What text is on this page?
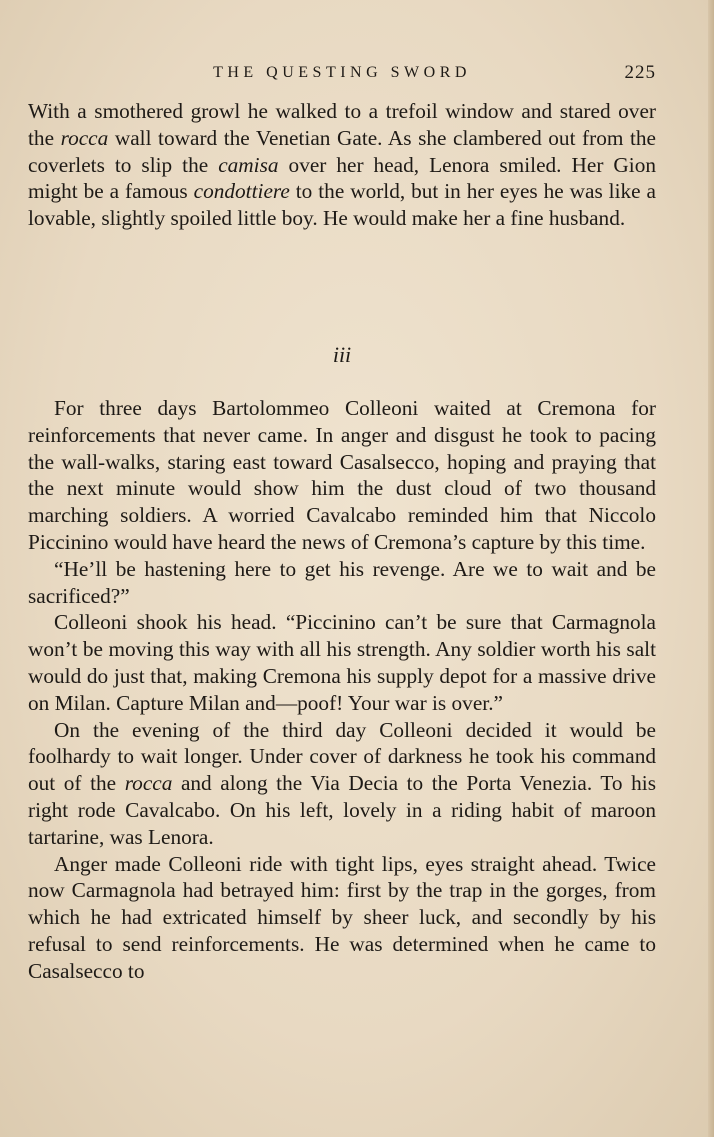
THE QUESTING SWORD	225

With a smothered growl he walked to a trefoil window and stared over the rocca wall toward the Venetian Gate. As she clambered out from the coverlets to slip the camisa over her head, Lenora smiled. Her Gion might be a famous condottiere to the world, but in her eyes he was like a lovable, slightly spoiled little boy. He would make her a fine husband.

iii

For three days Bartolommeo Colleoni waited at Cremona for reinforcements that never came. In anger and disgust he took to pacing the wall-walks, staring east toward Casalsecco, hoping and praying that the next minute would show him the dust cloud of two thousand marching soldiers. A worried Cavalcabo reminded him that Niccolo Piccinino would have heard the news of Cremona’s capture by this time.

“He’ll be hastening here to get his revenge. Are we to wait and be sacrificed?”

Colleoni shook his head. “Piccinino can’t be sure that Carmagnola won’t be moving this way with all his strength. Any soldier worth his salt would do just that, making Cremona his supply depot for a massive drive on Milan. Capture Milan and—poof! Your war is over.”

On the evening of the third day Colleoni decided it would be foolhardy to wait longer. Under cover of darkness he took his command out of the rocca and along the Via Decia to the Porta Venezia. To his right rode Cavalcabo. On his left, lovely in a riding habit of maroon tartarine, was Lenora.

Anger made Colleoni ride with tight lips, eyes straight ahead. Twice now Carmagnola had betrayed him: first by the trap in the gorges, from which he had extricated himself by sheer luck, and secondly by his refusal to send reinforcements. He was determined when he came to Casalsecco to
